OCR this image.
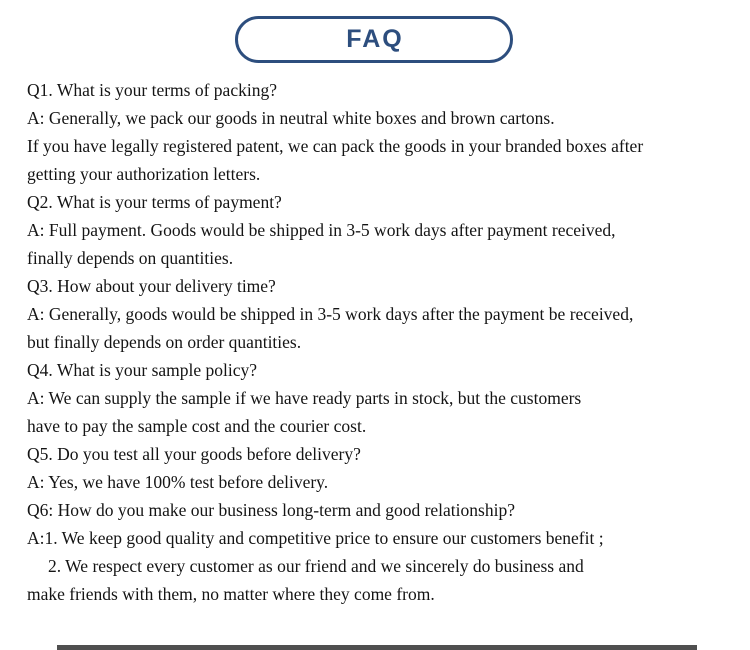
FAQ
Q1. What is your terms of packing?
A: Generally, we pack our goods in neutral white boxes and brown cartons.
If you have legally registered patent, we can pack the goods in your branded boxes after
getting your authorization letters.
Q2. What is your terms of payment?
A: Full payment. Goods would be shipped in 3-5 work days after payment received,
finally depends on quantities.
Q3. How about your delivery time?
A: Generally, goods would be shipped in 3-5 work days after the payment be received,
but finally depends on order quantities.
Q4. What is your sample policy?
A: We can supply the sample if we have ready parts in stock, but the customers
have to pay the sample cost and the courier cost.
Q5. Do you test all your goods before delivery?
A: Yes, we have 100% test before delivery.
Q6: How do you make our business long-term and good relationship?
A:1. We keep good quality and competitive price to ensure our customers benefit ;
2. We respect every customer as our friend and we sincerely do business and
make friends with them, no matter where they come from.
